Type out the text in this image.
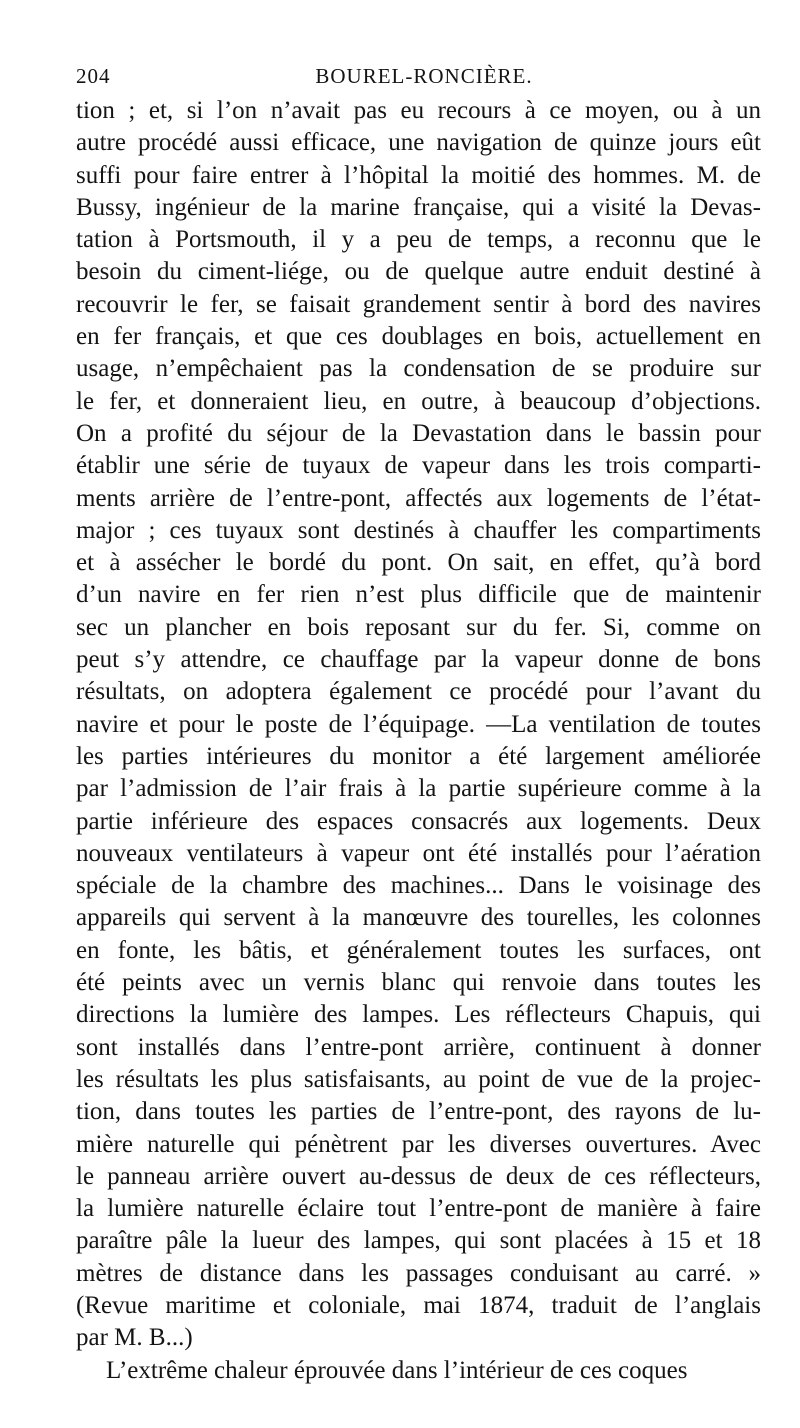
204	BOUREL-RONCIÈRE.
tion ; et, si l’on n’avait pas eu recours à ce moyen, ou à un
autre procédé aussi efficace, une navigation de quinze jours eût
suffi pour faire entrer à l’hôpital la moitié des hommes. M. de
Bussy, ingénieur de la marine française, qui a visité la Devas-
tation à Portsmouth, il y a peu de temps, a reconnu que le
besoin du ciment-liége, ou de quelque autre enduit destiné à
recouvrir le fer, se faisait grandement sentir à bord des navires
en fer français, et que ces doublages en bois, actuellement en
usage, n’empêchaient pas la condensation de se produire sur
le fer, et donneraient lieu, en outre, à beaucoup d’objections.
On a profité du séjour de la Devastation dans le bassin pour
établir une série de tuyaux de vapeur dans les trois comparti-
ments arrière de l’entre-pont, affectés aux logements de l’état-
major ; ces tuyaux sont destinés à chauffer les compartiments
et à assécher le bordé du pont. On sait, en effet, qu’à bord
d’un navire en fer rien n’est plus difficile que de maintenir
sec un plancher en bois reposant sur du fer. Si, comme on
peut s’y attendre, ce chauffage par la vapeur donne de bons
résultats, on adoptera également ce procédé pour l’avant du
navire et pour le poste de l’équipage. —La ventilation de toutes
les parties intérieures du monitor a été largement améliorée
par l’admission de l’air frais à la partie supérieure comme à la
partie inférieure des espaces consacrés aux logements. Deux
nouveaux ventilateurs à vapeur ont été installés pour l’aération
spéciale de la chambre des machines... Dans le voisinage des
appareils qui servent à la manœuvre des tourelles, les colonnes
en fonte, les bâtis, et généralement toutes les surfaces, ont
été peints avec un vernis blanc qui renvoie dans toutes les
directions la lumière des lampes. Les réflecteurs Chapuis, qui
sont installés dans l’entre-pont arrière, continuent à donner
les résultats les plus satisfaisants, au point de vue de la projec-
tion, dans toutes les parties de l’entre-pont, des rayons de lu-
mière naturelle qui pénètrent par les diverses ouvertures. Avec
le panneau arrière ouvert au-dessus de deux de ces réflecteurs,
la lumière naturelle éclaire tout l’entre-pont de manière à faire
paraître pâle la lueur des lampes, qui sont placées à 15 et 18
mètres de distance dans les passages conduisant au carré. »
(Revue maritime et coloniale, mai 1874, traduit de l’anglais
par M. B...)
L’extrême chaleur éprouvée dans l’intérieur de ces coques
